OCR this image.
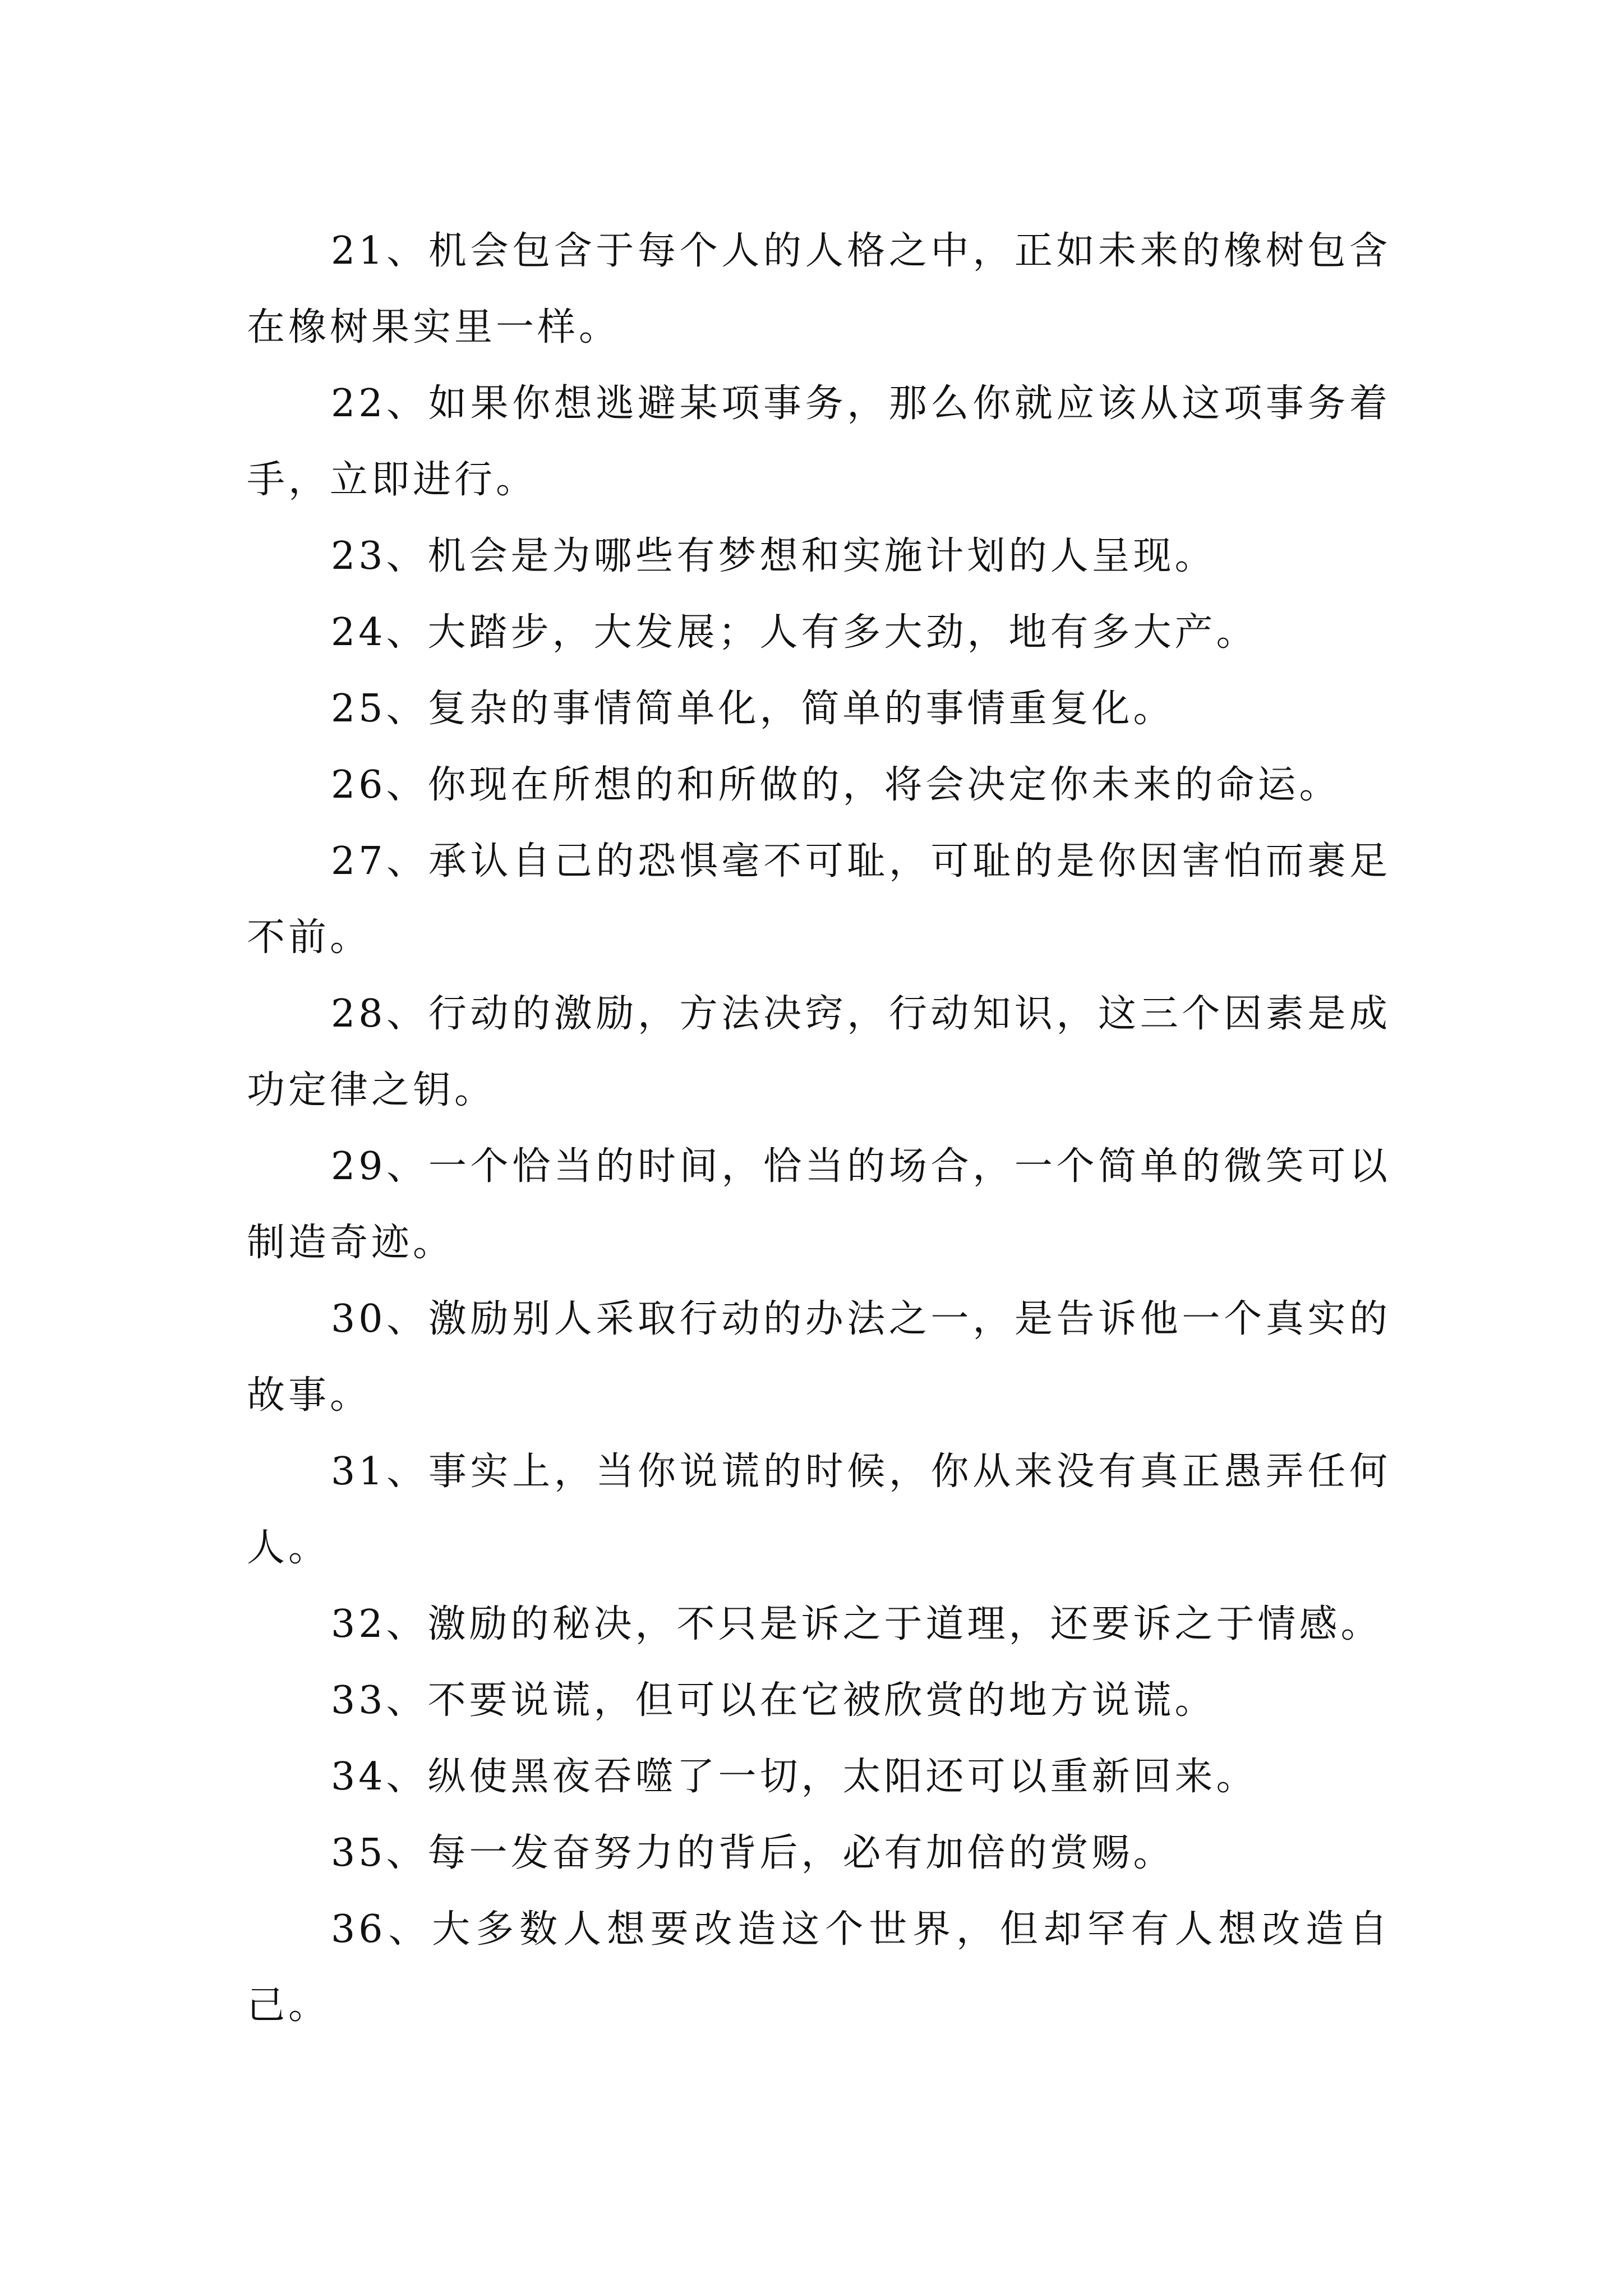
21、机会包含于每个人的人格之中，正如未来的橡树包含在橡树果实里一样。

22、如果你想逃避某项事务，那么你就应该从这项事务着手，立即进行。

23、机会是为哪些有梦想和实施计划的人呈现。

24、大踏步，大发展；人有多大劲，地有多大产。

25、复杂的事情简单化，简单的事情重复化。

26、你现在所想的和所做的，将会决定你未来的命运。

27、承认自己的恐惧毫不可耻，可耻的是你因害怕而裹足不前。

28、行动的激励，方法决窍，行动知识，这三个因素是成功定律之钥。

29、一个恰当的时间，恰当的场合，一个简单的微笑可以制造奇迹。

30、激励别人采取行动的办法之一，是告诉他一个真实的故事。

31、事实上，当你说谎的时候，你从来没有真正愚弄任何人。

32、激励的秘决，不只是诉之于道理，还要诉之于情感。

33、不要说谎，但可以在它被欣赏的地方说谎。

34、纵使黑夜吞噬了一切，太阳还可以重新回来。

35、每一发奋努力的背后，必有加倍的赏赐。

36、大多数人想要改造这个世界，但却罕有人想改造自己。
